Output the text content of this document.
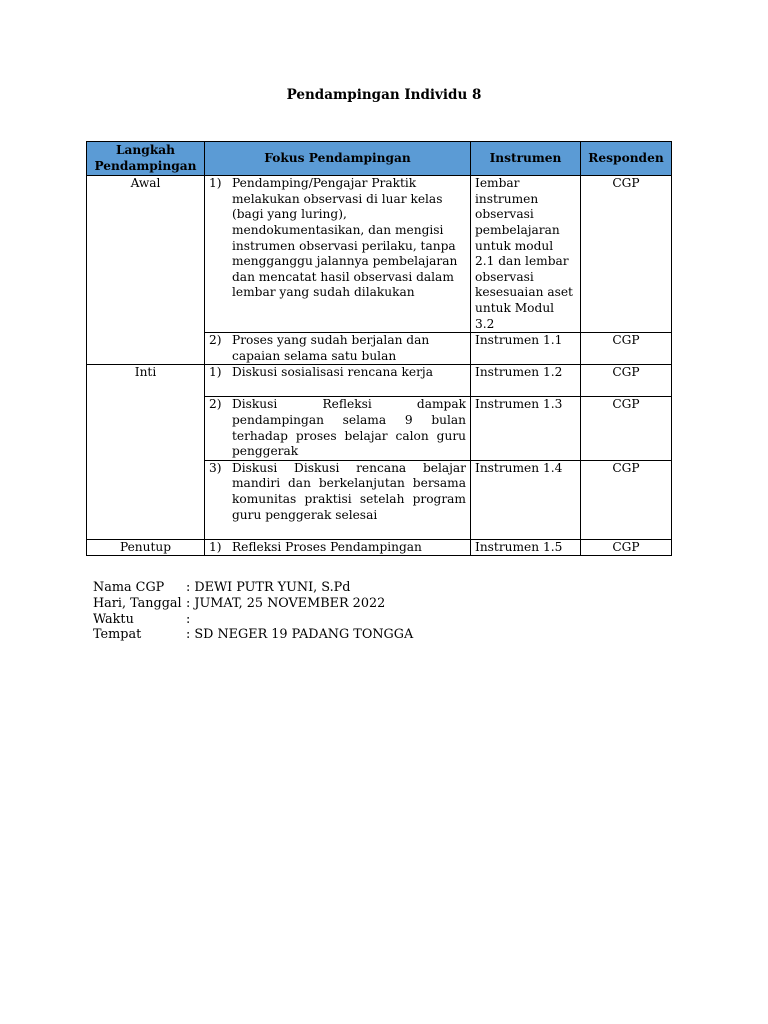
Pendampingan Individu 8
Langkah Pendampingan	Fokus Pendampingan	Instrumen	Responden
Awal	1) Pendamping/Pengajar Praktik melakukan observasi di luar kelas (bagi yang luring), mendokumentasikan, dan mengisi instrumen observasi perilaku, tanpa mengganggu jalannya pembelajaran dan mencatat hasil observasi dalam lembar yang sudah dilakukan	Iembar instrumen observasi pembelajaran untuk modul 2.1 dan lembar observasi kesesuaian aset untuk Modul 3.2	CGP

	2) Proses yang sudah berjalan dan capaian selama satu bulan	Instrumen 1.1	CGP
Inti	1) Diskusi sosialisasi rencana kerja	Instrumen 1.2	CGP

	2) Diskusi Refleksi dampak pendampingan selama 9 bulan terhadap proses belajar calon guru penggerak	Instrumen 1.3	CGP

	3) Diskusi Diskusi rencana belajar mandiri dan berkelanjutan bersama komunitas praktisi setelah program guru penggerak selesai	Instrumen 1.4	CGP
Penutup	1) Refleksi Proses Pendampingan	Instrumen 1.5	CGP
Nama CGP	: DEWI PUTR YUNI, S.Pd
Hari, Tanggal : JUMAT, 25 NOVEMBER 2022
Waktu	:
Tempat	: SD NEGER 19 PADANG TONGGA
